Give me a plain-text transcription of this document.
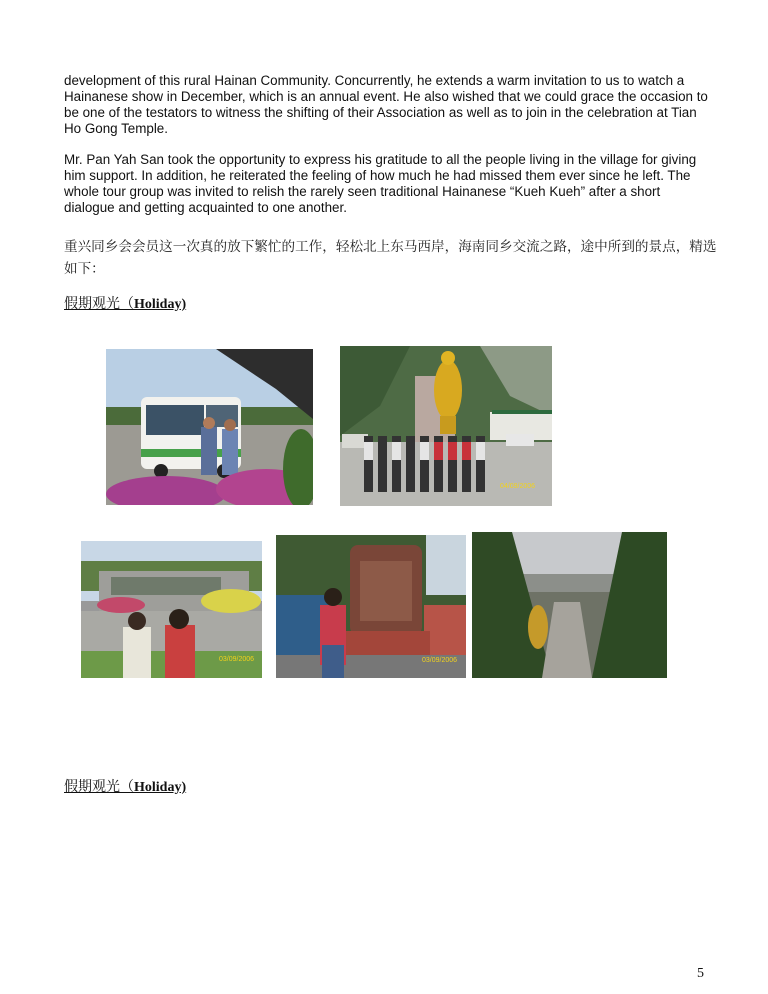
development of this rural Hainan Community. Concurrently, he extends a warm invitation to us to watch a Hainanese show in December, which is an annual event. He also wished that we could grace the occasion to be one of the testators to witness the shifting of their Association as well as to join in the celebration at Tian Ho Gong Temple.
Mr. Pan Yah San took the opportunity to express his gratitude to all the people living in the village for giving him support. In addition, he reiterated the feeling of how much he had missed them ever since he left. The whole tour group was invited to relish the rarely seen traditional Hainanese “Kueh Kueh” after a short dialogue and getting acquainted to one another.
重兴同乡会会员这一次真的放下繁忙的工作，轻松北上东马西岸，海南同乡交流之路，途中所到的景点，精选如下：
假期观光（Holiday)
04/09/2006
03/09/2006	03/09/2006
假期观光（Holiday)
5
